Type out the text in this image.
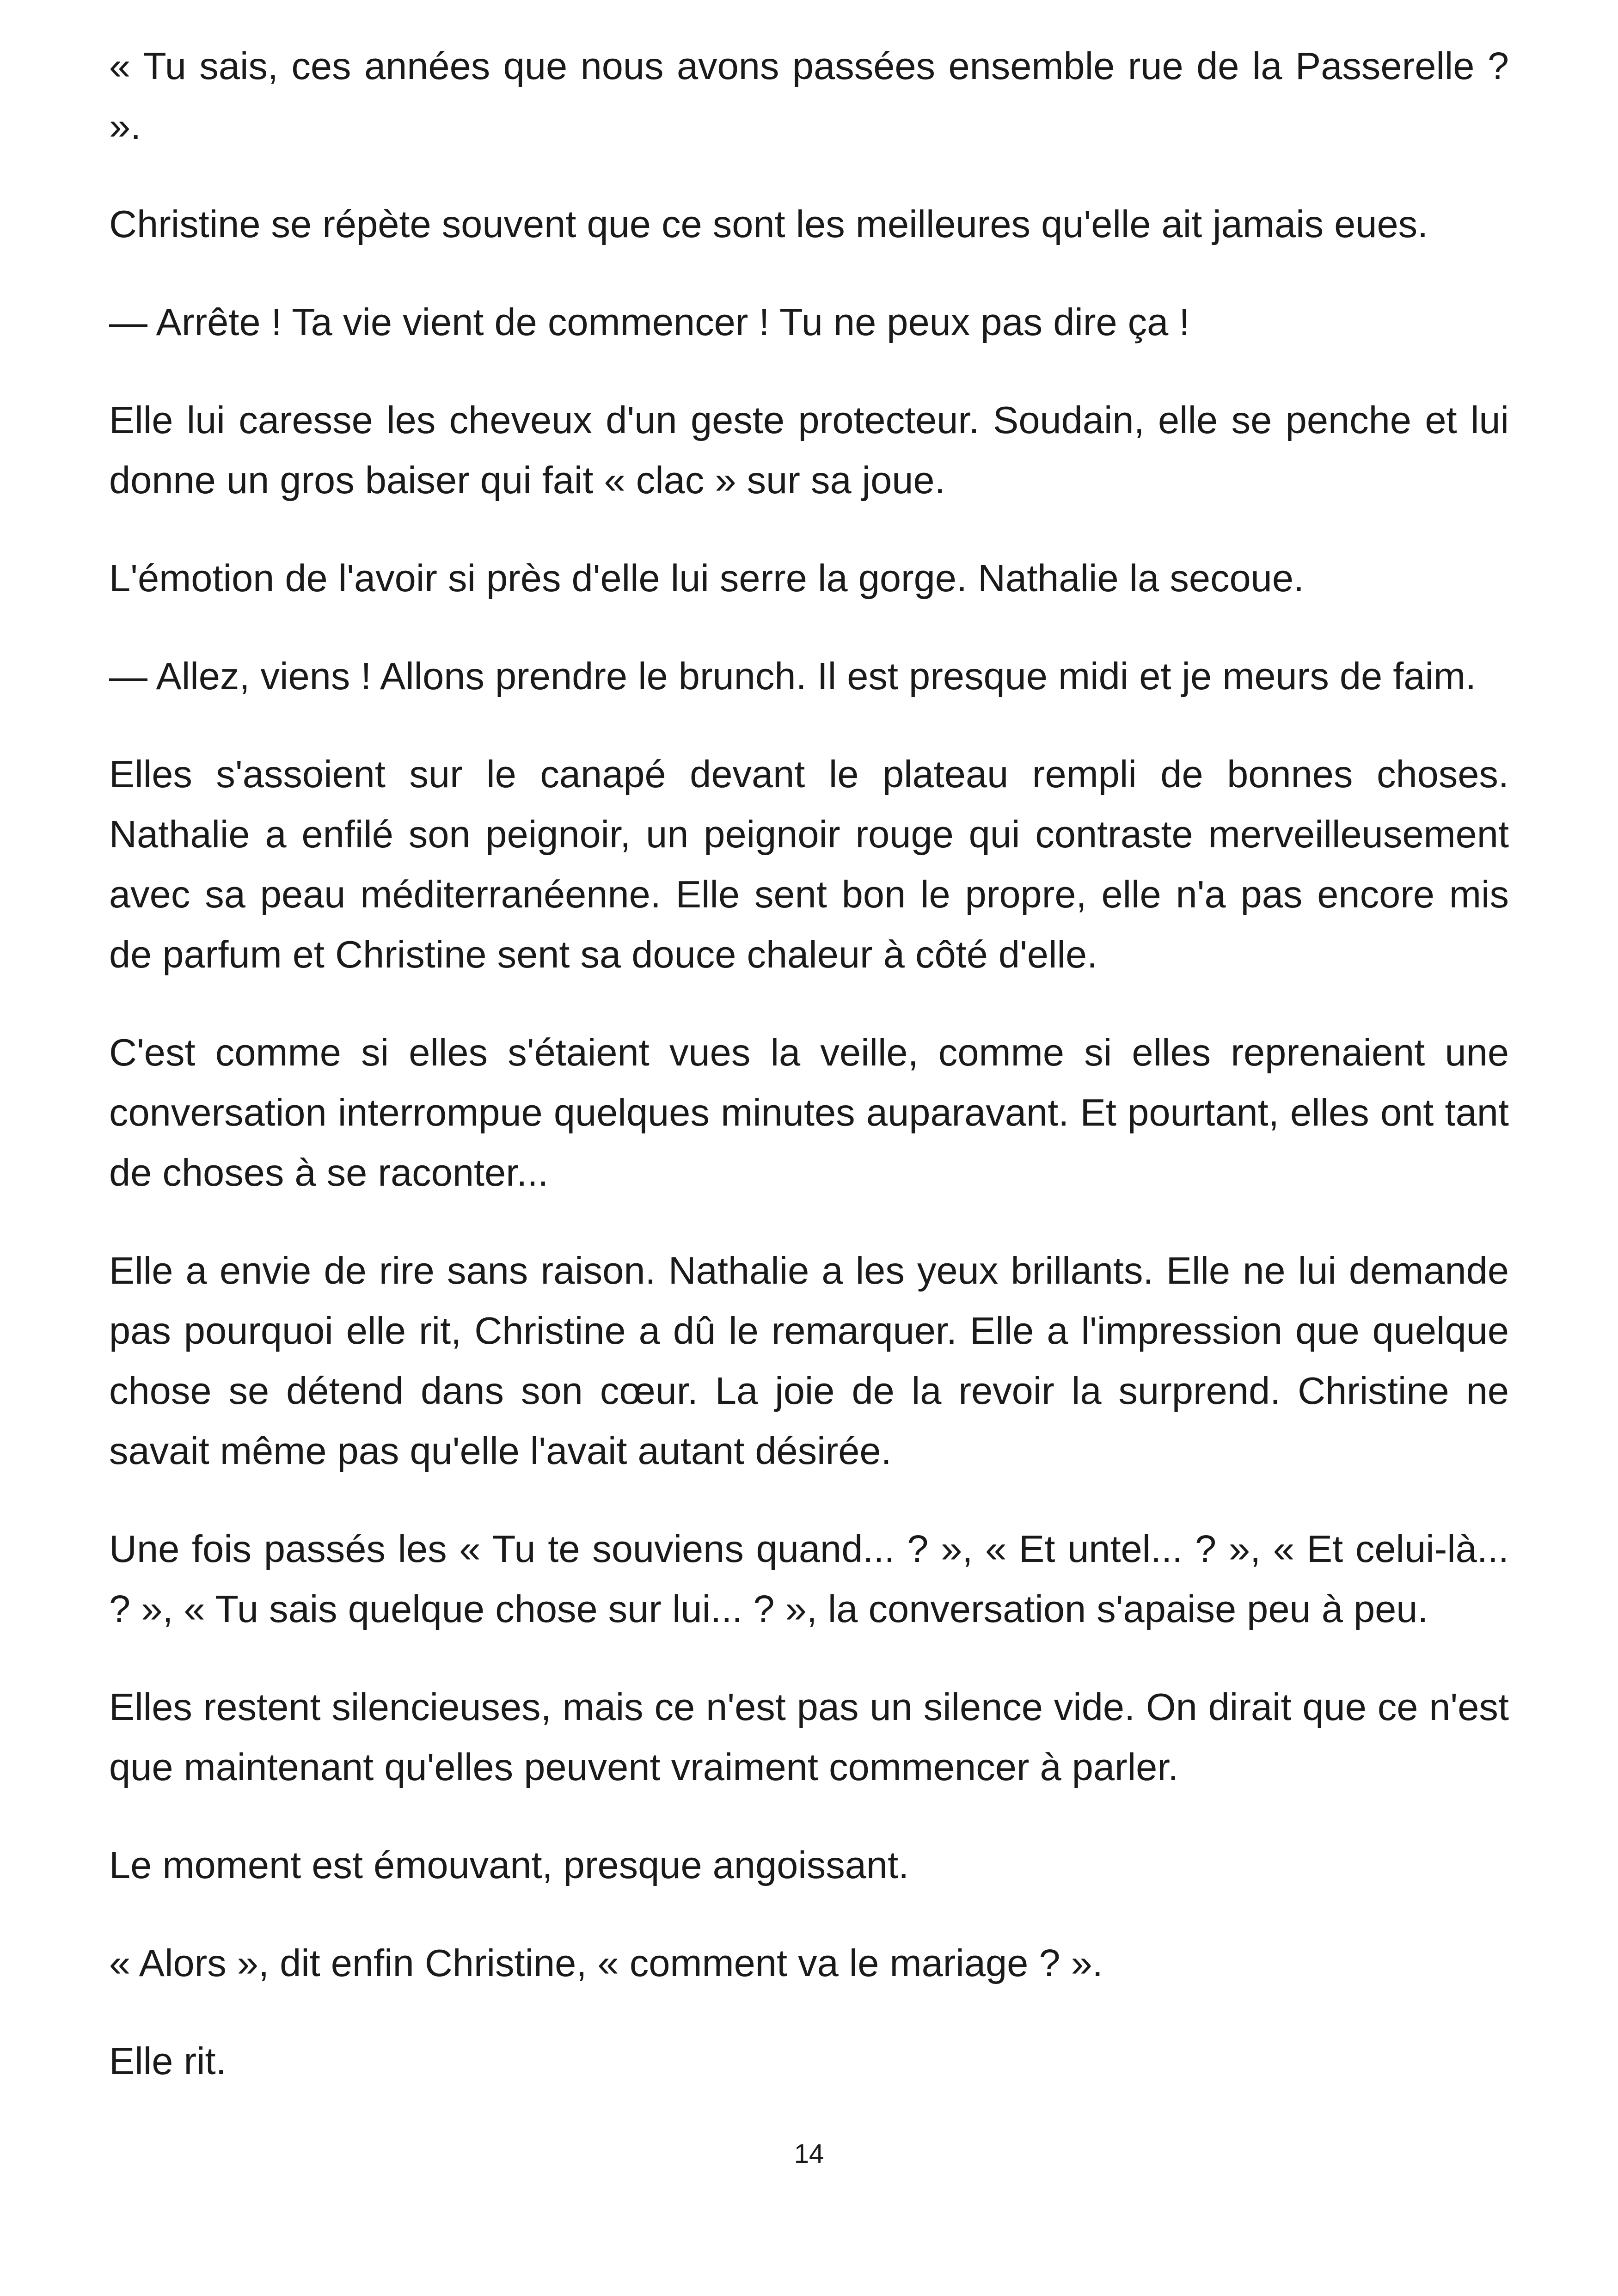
« Tu sais, ces années que nous avons passées ensemble rue de la Passerelle ? ».

Christine se répète souvent que ce sont les meilleures qu'elle ait jamais eues.

— Arrête ! Ta vie vient de commencer ! Tu ne peux pas dire ça !

Elle lui caresse les cheveux d'un geste protecteur. Soudain, elle se penche et lui donne un gros baiser qui fait « clac » sur sa joue.

L'émotion de l'avoir si près d'elle lui serre la gorge. Nathalie la secoue.

— Allez, viens ! Allons prendre le brunch. Il est presque midi et je meurs de faim.

Elles s'assoient sur le canapé devant le plateau rempli de bonnes choses. Nathalie a enfilé son peignoir, un peignoir rouge qui contraste merveilleusement avec sa peau méditerranéenne. Elle sent bon le propre, elle n'a pas encore mis de parfum et Christine sent sa douce chaleur à côté d'elle.

C'est comme si elles s'étaient vues la veille, comme si elles reprenaient une conversation interrompue quelques minutes auparavant. Et pourtant, elles ont tant de choses à se raconter...

Elle a envie de rire sans raison. Nathalie a les yeux brillants. Elle ne lui demande pas pourquoi elle rit, Christine a dû le remarquer. Elle a l'impression que quelque chose se détend dans son cœur. La joie de la revoir la surprend. Christine ne savait même pas qu'elle l'avait autant désirée.

Une fois passés les « Tu te souviens quand... ? », « Et untel... ? », « Et celui-là... ? », « Tu sais quelque chose sur lui... ? », la conversation s'apaise peu à peu.

Elles restent silencieuses, mais ce n'est pas un silence vide. On dirait que ce n'est que maintenant qu'elles peuvent vraiment commencer à parler.

Le moment est émouvant, presque angoissant.

« Alors », dit enfin Christine, « comment va le mariage ? ».

Elle rit.

14
